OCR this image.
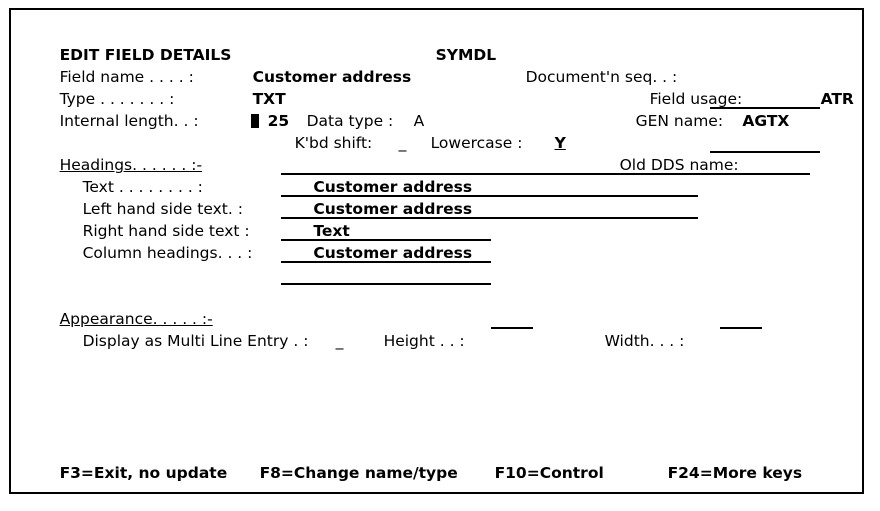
EDIT FIELD DETAILS
	SYMDL

Field name . . . . :
	Customer address
	Document'n seq. . :

Type . . . . . . . :
	TXT
	Field usage:
	ATR

Internal length. . :

	25
	Data type :
	A
	GEN name:
	AGTX

K'bd shift:
	_
	Lowercase :
	Y

Headings. . . . . . :-
	Old DDS name:

Text . . . . . . . . :
	Customer address

Left hand side text. :
	Customer address

Right hand side text :
	Text

Column headings. . . :
	Customer address

Appearance. . . . . :-

Display as Multi Line Entry . :
	_
	Height . . :

	Width. . . :

F3=Exit, no update
	F8=Change name/type
	F10=Control
	F24=More keys
